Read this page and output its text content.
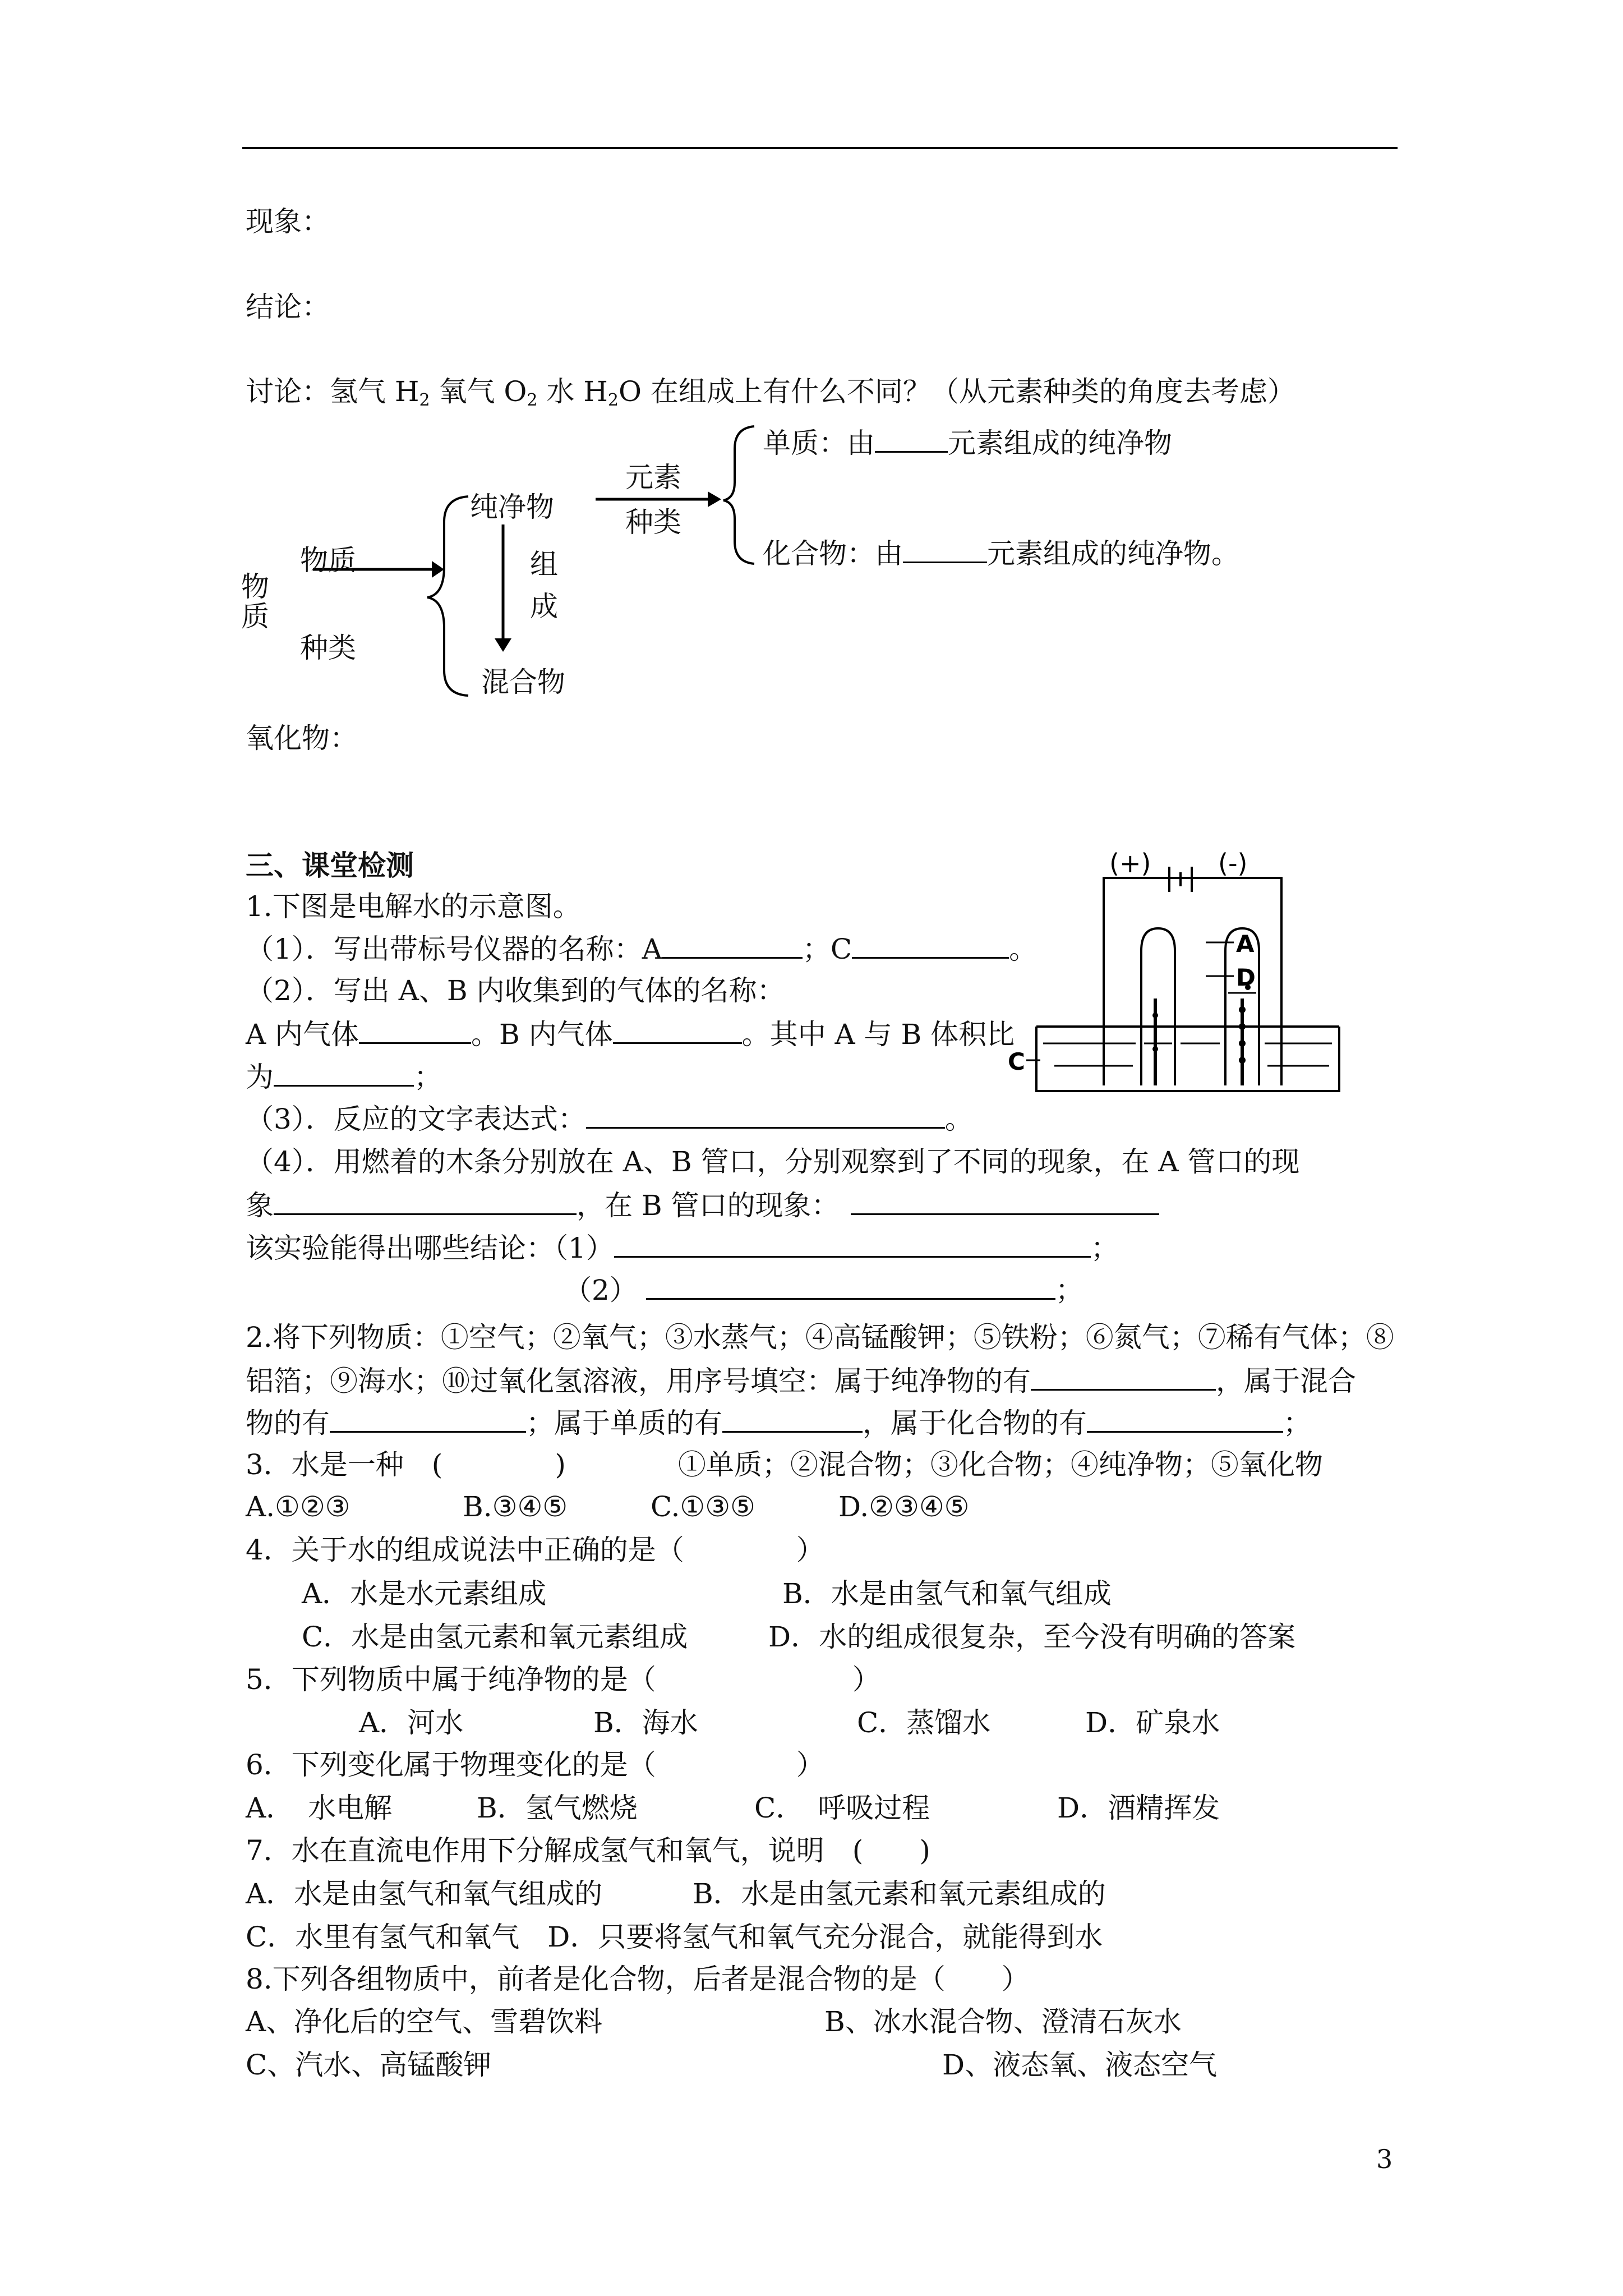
现象：
结论：
讨论：氢气 $H_2$ 氧气 $O_2$ 水 $H_2O$ 在组成上有什么不同？（从元素种类的角度去考虑）
物
质
物质
种类
纯净物
组
成
混合物
元素
种类
单质：由	元素组成的纯净物
化合物：由	元素组成的纯净物。
氧化物：
三、课堂检测
1.下图是电解水的示意图。
（1）．写出带标号仪器的名称：A	；C	。
（2）．写出 A、B 内收集到的气体的名称：
A 内气体	。B 内气体	。其中 A 与 B 体积比
为	；
（3）．反应的文字表达式：	。
（4）．用燃着的木条分别放在 A、B 管口，分别观察到了不同的现象，在 A 管口的现
象	，在 B 管口的现象：
该实验能得出哪些结论：（1）	；
（2）	；
(+)	(-)
A
D
C
2.将下列物质：①空气；②氧气；③水蒸气；④高锰酸钾；⑤铁粉；⑥氮气；⑦稀有气体；⑧
铝箔；⑨海水；⑩过氧化氢溶液，用序号填空：属于纯净物的有	，属于混合
物的有	；属于单质的有	，属于化合物的有	；
3．水是一种　(　　　　)　　　　①单质；②混合物；③化合物；④纯净物；⑤氧化物
A.①②③	B.③④⑤	C.①③⑤	D.②③④⑤
4．关于水的组成说法中正确的是（　　　　）
A．水是水元素组成	B．水是由氢气和氧气组成
C．水是由氢元素和氧元素组成	D．水的组成很复杂，至今没有明确的答案
5．下列物质中属于纯净物的是（　　　　　　　）
A．河水	B．海水	C．蒸馏水	D．矿泉水
6．下列变化属于物理变化的是（　　　　　）
A．　水电解	B．氢气燃烧	C．　呼吸过程	D．酒精挥发
7．水在直流电作用下分解成氢气和氧气，说明　(　　)
A．水是由氢气和氧气组成的	B．水是由氢元素和氧元素组成的
C．水里有氢气和氧气　D．只要将氢气和氧气充分混合，就能得到水
8.下列各组物质中，前者是化合物，后者是混合物的是（　　）
A、净化后的空气、雪碧饮料	B、冰水混合物、澄清石灰水
C、汽水、高锰酸钾	D、液态氧、液态空气
3
